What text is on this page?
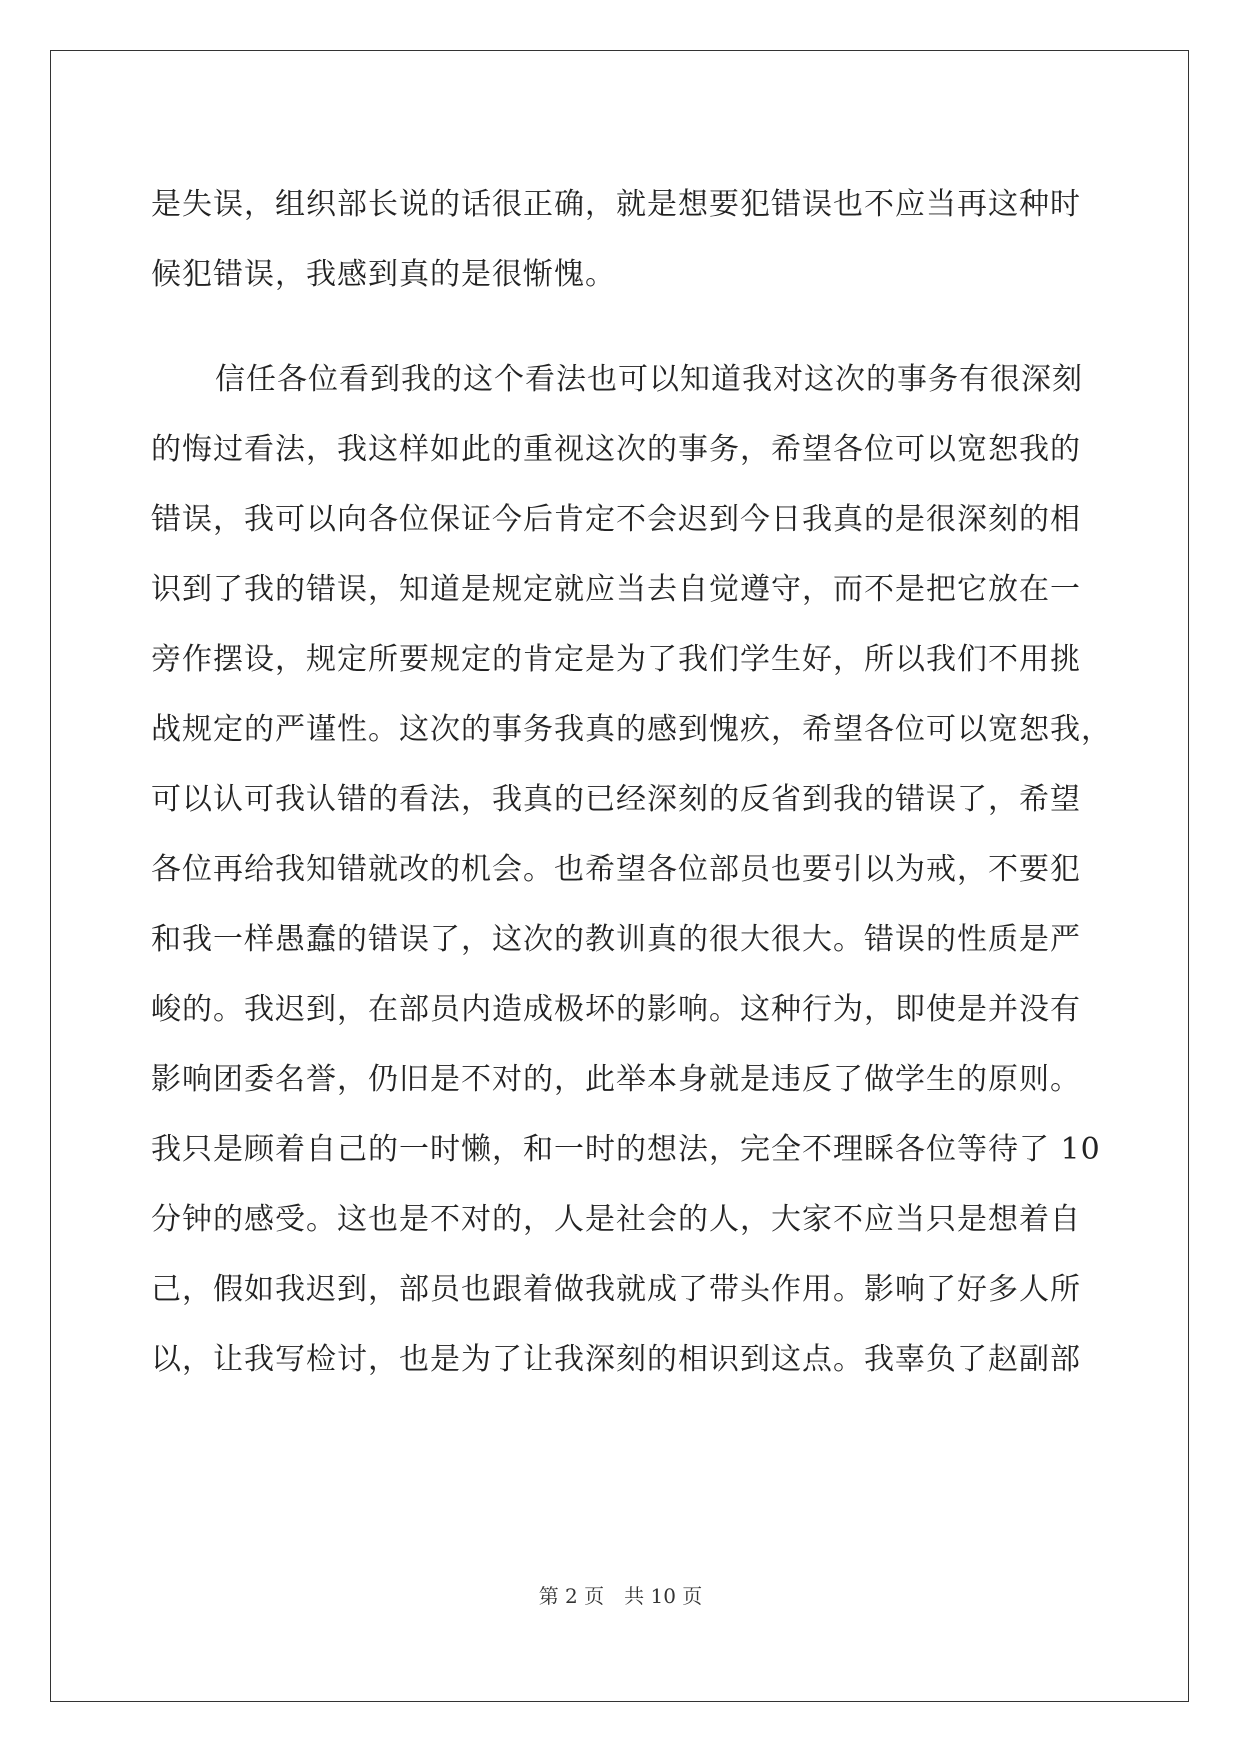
是失误，组织部长说的话很正确，就是想要犯错误也不应当再这种时
候犯错误，我感到真的是很惭愧。
信任各位看到我的这个看法也可以知道我对这次的事务有很深刻
的悔过看法，我这样如此的重视这次的事务，希望各位可以宽恕我的
错误，我可以向各位保证今后肯定不会迟到今日我真的是很深刻的相
识到了我的错误，知道是规定就应当去自觉遵守，而不是把它放在一
旁作摆设，规定所要规定的肯定是为了我们学生好，所以我们不用挑
战规定的严谨性。这次的事务我真的感到愧疚，希望各位可以宽恕我，
可以认可我认错的看法，我真的已经深刻的反省到我的错误了，希望
各位再给我知错就改的机会。也希望各位部员也要引以为戒，不要犯
和我一样愚蠢的错误了，这次的教训真的很大很大。错误的性质是严
峻的。我迟到，在部员内造成极坏的影响。这种行为，即使是并没有
影响团委名誉，仍旧是不对的，此举本身就是违反了做学生的原则。
我只是顾着自己的一时懒，和一时的想法，完全不理睬各位等待了 10
分钟的感受。这也是不对的，人是社会的人，大家不应当只是想着自
己，假如我迟到，部员也跟着做我就成了带头作用。影响了好多人所
以，让我写检讨，也是为了让我深刻的相识到这点。我辜负了赵副部
第 2 页　共 10 页
